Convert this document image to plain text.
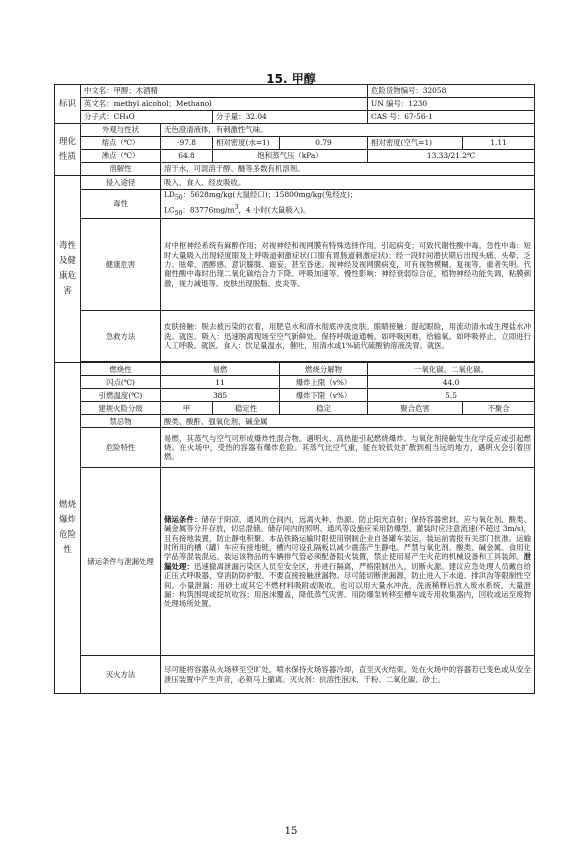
15. 甲醇
标识	中文名：甲醇；木酒精				危险货物编号：32058	
	英文名：methyl alcohol；Methanol				UN 编号：1230	
	分子式：CH₄O		分子量：32.04		CAS 号：67-56-1	
理化性质	外观与性状	无色澄清液体，有刺激性气味。				
	熔点（℃）	-97.8	相对密度(水=1)	0.79	相对密度(空气=1)	1.11
	沸点（℃）	64.8	饱和蒸气压（kPa）		13.33/21.2℃	
	溶解性	溶于水，可混溶于醇、醚等多数有机溶剂。				
毒性及健康危害	侵入途径	吸入、食入、经皮吸收。				
	毒性	$LD_{50}$：5628mg/kg(大鼠经口)；15800mg/kg(兔经皮)；
$LC_{50}$：$83776mg/m^3$，4 小时(大鼠吸入)。				

	健康危害	对中枢神经系统有麻醉作用；对视神经和视网膜有特殊选择作用，引起病变；可致代谢性酸中毒。急性中毒：短时大量吸入出现轻度眼及上呼吸道刺激症状(口服有胃肠道刺激症状)；经一段时间潜伏期后出现头痛、头晕、乏力、眩晕、酒醉感、意识朦胧、谵妄，甚至昏迷。视神经及视网膜病变，可有视物模糊、复视等，重者失明。代谢性酸中毒时出现二氧化碳结合力下降、呼吸加速等。慢性影响：神经衰弱综合征，植物神经功能失调，粘膜刺激，视力减退等。皮肤出现脱脂、皮炎等。				
	急救方法	皮肤接触：脱去被污染的衣着，用肥皂水和清水彻底冲洗皮肤。眼睛接触：提起眼睑，用流动清水或生理盐水冲洗。就医。吸入：迅速脱离现场至空气新鲜处。保持呼吸道通畅。如呼吸困难，给输氧。如呼吸停止，立即进行人工呼吸。就医。食入：饮足量温水，催吐，用清水或1%硫代硫酸钠溶液洗胃。就医。				

燃烧爆炸危险性	燃烧性	易燃		燃烧分解物	一氧化碳、二氧化碳。	
	闪点(℃)	11		爆炸上限（v%）	44.0	
	引燃温度(℃)	385		爆炸下限（v%）	5.5	
	建规火险分级	甲	稳定性	稳定	聚合危害	不聚合
	禁忌物	酸类、酸酐、强氧化剂、碱金属				
	危险特性	易燃，其蒸气与空气可形成爆炸性混合物。遇明火、高热能引起燃烧爆炸。与氧化剂接触发生化学反应或引起燃烧。在火场中，受热的容器有爆炸危险。其蒸气比空气重，能在较低处扩散到相当远的地方，遇明火会引着回燃。				
	储运条件与泄漏处理	储运条件：储存于阴凉、通风的仓间内，远离火种、热源。防止阳光直射；保持容器密封。应与氧化剂、酸类、碱金属等分开存放，切忌混储。储存间内的照明、通风等设施应采用防爆型。灌装时应注意流速(不超过 3m/s)，且有接地装置，防止静电积聚。本品铁路运输时限使用钢制企业自备罐车装运，装运前需报有关部门批准。运输时所用的槽（罐）车应有接地链，槽内可设孔隔板以减少震荡产生静电。严禁与氧化剂、酸类、碱金属、食用化学品等混装混运。装运该物品的车辆排气管必须配备阻火装置，禁止使用易产生火花的机械设备和工具装卸。泄漏处理：迅速撤离泄漏污染区人员至安全区，并进行隔离，严格限制出入。切断火源。建议应急处理人员戴自给正压式呼吸器，穿消防防护服。不要直接接触泄漏物。尽可能切断泄漏源，防止进入下水道、排洪沟等限制性空间。小量泄漏：用砂土或其它不燃材料吸附或吸收。也可以用大量水冲洗，洗液稀释后放入废水系统。大量泄漏：构筑围堤或挖坑收容；用泡沫覆盖，降低蒸气灾害。用防爆泵转移至槽车或专用收集器内，回收或运至废物处理场所处置。				
	灭火方法	尽可能将容器从火场移至空旷处。喷水保持火场容器冷却，直至灭火结束。处在火场中的容器若已变色或从安全泄压装置中产生声音，必须马上撤离。灭火剂：抗溶性泡沫、干粉、二氧化碳、砂土。				
15
